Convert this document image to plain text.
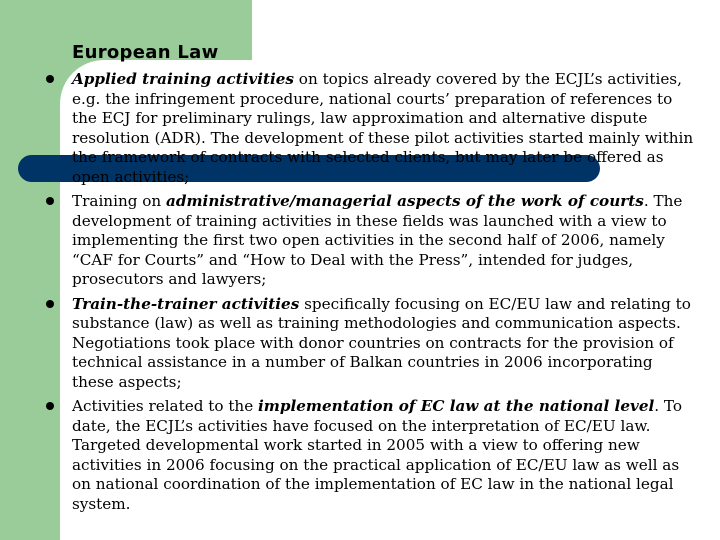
European Law
Applied training activities on topics already covered by the ECJL’s activities, e.g. the infringement procedure, national courts’ preparation of references to the ECJ for preliminary rulings, law approximation and alternative dispute resolution (ADR). The development of these pilot activities started mainly within the framework of contracts with selected clients, but may later be offered as open activities;
Training on administrative/managerial aspects of the work of courts. The development of training activities in these fields was launched with a view to implementing the first two open activities in the second half of 2006, namely “CAF for Courts” and “How to Deal with the Press”, intended for judges, prosecutors and lawyers;
Train-the-trainer activities specifically focusing on EC/EU law and relating to substance (law) as well as training methodologies and communication aspects. Negotiations took place with donor countries on contracts for the provision of technical assistance in a number of Balkan countries in 2006 incorporating these aspects;
Activities related to the implementation of EC law at the national level. To date, the ECJL’s activities have focused on the interpretation of EC/EU law. Targeted developmental work started in 2005 with a view to offering new activities in 2006 focusing on the practical application of EC/EU law as well as on national coordination of the implementation of EC law in the national legal system.
